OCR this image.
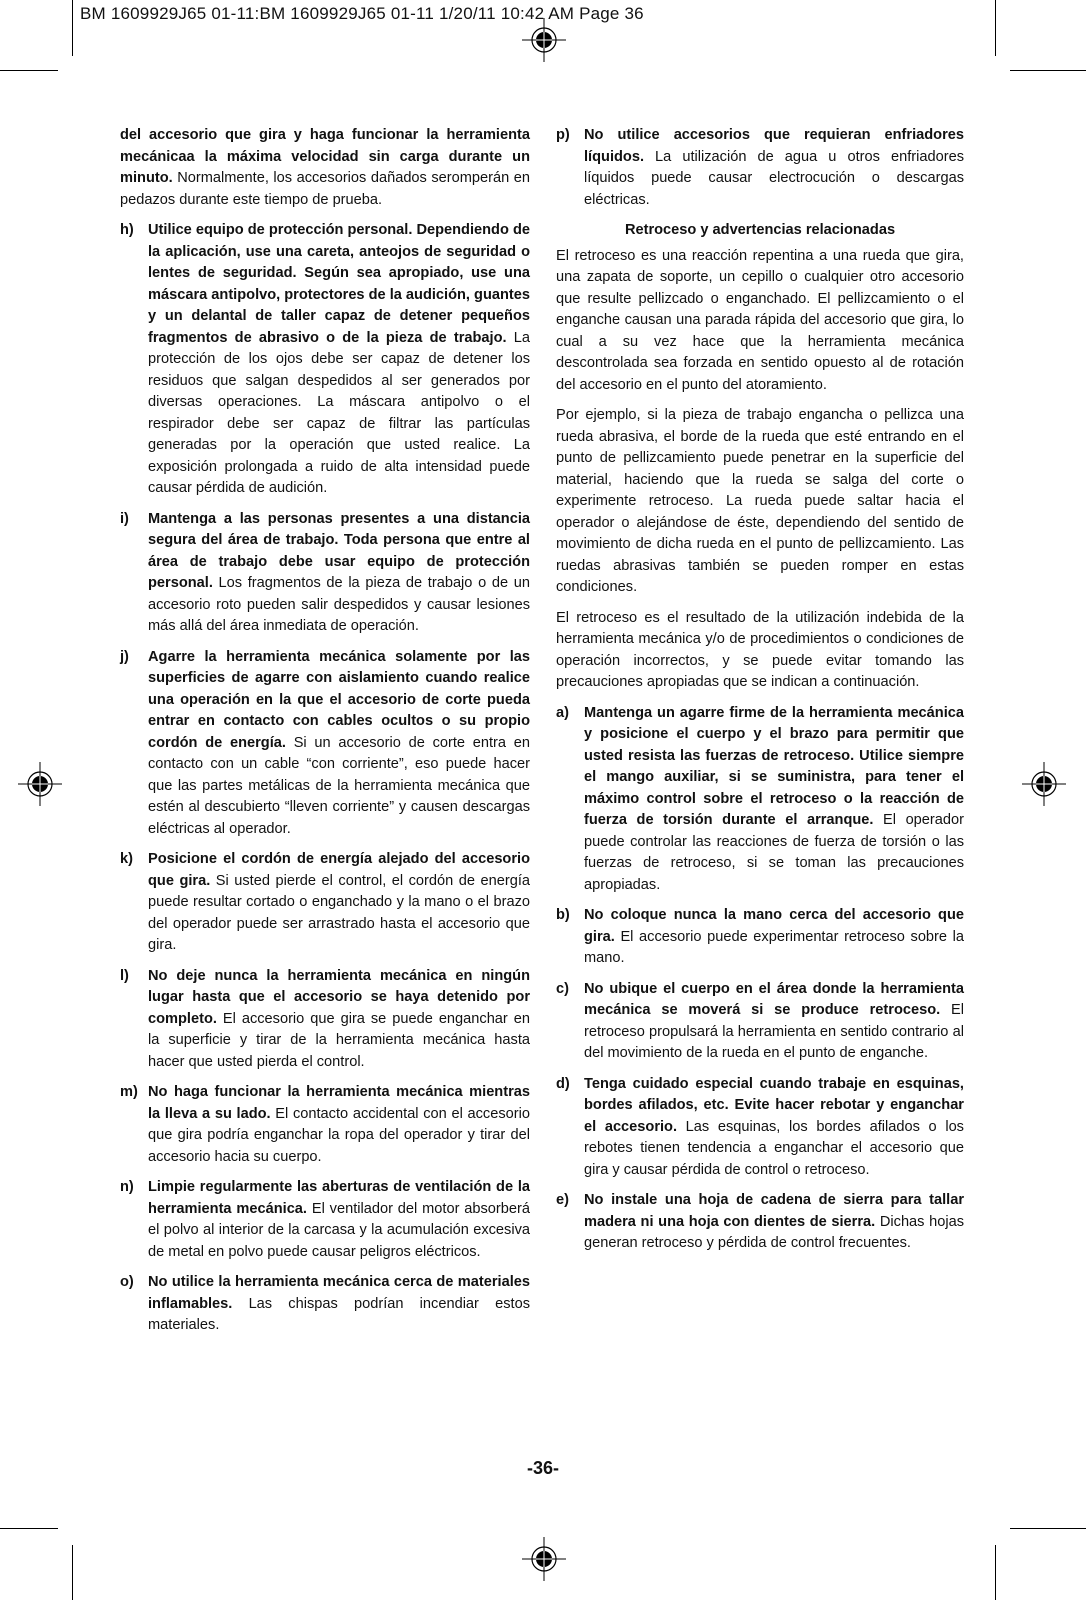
BM 1609929J65 01-11:BM 1609929J65 01-11 1/20/11 10:42 AM Page 36

del accesorio que gira y haga funcionar la herramienta mecánicaa la máxima velocidad sin carga durante un minuto. Normalmente, los accesorios dañados seromperán en pedazos durante este tiempo de prueba.

h) Utilice equipo de protección personal. Dependiendo de la aplicación, use una careta, anteojos de seguridad o lentes de seguridad. Según sea apropiado, use una máscara antipolvo, protectores de la audición, guantes y un delantal de taller capaz de detener pequeños fragmentos de abrasivo o de la pieza de trabajo. La protección de los ojos debe ser capaz de detener los residuos que salgan despedidos al ser generados por diversas operaciones. La máscara antipolvo o el respirador debe ser capaz de filtrar las partículas generadas por la operación que usted realice. La exposición prolongada a ruido de alta intensidad puede causar pérdida de audición.
i) Mantenga a las personas presentes a una distancia segura del área de trabajo. Toda persona que entre al área de trabajo debe usar equipo de protección personal. Los fragmentos de la pieza de trabajo o de un accesorio roto pueden salir despedidos y causar lesiones más allá del área inmediata de operación.
j) Agarre la herramienta mecánica solamente por las superficies de agarre con aislamiento cuando realice una operación en la que el accesorio de corte pueda entrar en contacto con cables ocultos o su propio cordón de energía. Si un accesorio de corte entra en contacto con un cable “con corriente”, eso puede hacer que las partes metálicas de la herramienta mecánica que estén al descubierto “lleven corriente” y causen descargas eléctricas al operador.
k) Posicione el cordón de energía alejado del accesorio que gira. Si usted pierde el control, el cordón de energía puede resultar cortado o enganchado y la mano o el brazo del operador puede ser arrastrado hasta el accesorio que gira.
l) No deje nunca la herramienta mecánica en ningún lugar hasta que el accesorio se haya detenido por completo. El accesorio que gira se puede enganchar en la superficie y tirar de la herramienta mecánica hasta hacer que usted pierda el control.
m) No haga funcionar la herramienta mecánica mientras la lleva a su lado. El contacto accidental con el accesorio que gira podría enganchar la ropa del operador y tirar del accesorio hacia su cuerpo.
n) Limpie regularmente las aberturas de ventilación de la herramienta mecánica. El ventilador del motor absorberá el polvo al interior de la carcasa y la acumulación excesiva de metal en polvo puede causar peligros eléctricos.
o) No utilice la herramienta mecánica cerca de materiales inflamables. Las chispas podrían incendiar estos materiales.
p) No utilice accesorios que requieran enfriadores líquidos. La utilización de agua u otros enfriadores líquidos puede causar electrocución o descargas eléctricas.
Retroceso y advertencias relacionadas

El retroceso es una reacción repentina a una rueda que gira, una zapata de soporte, un cepillo o cualquier otro accesorio que resulte pellizcado o enganchado. El pellizcamiento o el enganche causan una parada rápida del accesorio que gira, lo cual a su vez hace que la herramienta mecánica descontrolada sea forzada en sentido opuesto al de rotación del accesorio en el punto del atoramiento.

Por ejemplo, si la pieza de trabajo engancha o pellizca una rueda abrasiva, el borde de la rueda que esté entrando en el punto de pellizcamiento puede penetrar en la superficie del material, haciendo que la rueda se salga del corte o experimente retroceso. La rueda puede saltar hacia el operador o alejándose de éste, dependiendo del sentido de movimiento de dicha rueda en el punto de pellizcamiento. Las ruedas abrasivas también se pueden romper en estas condiciones.

El retroceso es el resultado de la utilización indebida de la herramienta mecánica y/o de procedimientos o condiciones de operación incorrectos, y se puede evitar tomando las precauciones apropiadas que se indican a continuación.

a) Mantenga un agarre firme de la herramienta mecánica y posicione el cuerpo y el brazo para permitir que usted resista las fuerzas de retroceso. Utilice siempre el mango auxiliar, si se suministra, para tener el máximo control sobre el retroceso o la reacción de fuerza de torsión durante el arranque. El operador puede controlar las reacciones de fuerza de torsión o las fuerzas de retroceso, si se toman las precauciones apropiadas.
b) No coloque nunca la mano cerca del accesorio que gira. El accesorio puede experimentar retroceso sobre la mano.
c) No ubique el cuerpo en el área donde la herramienta mecánica se moverá si se produce retroceso. El retroceso propulsará la herramienta en sentido contrario al del movimiento de la rueda en el punto de enganche.
d) Tenga cuidado especial cuando trabaje en esquinas, bordes afilados, etc. Evite hacer rebotar y enganchar el accesorio. Las esquinas, los bordes afilados o los rebotes tienen tendencia a enganchar el accesorio que gira y causar pérdida de control o retroceso.
e) No instale una hoja de cadena de sierra para tallar madera ni una hoja con dientes de sierra. Dichas hojas generan retroceso y pérdida de control frecuentes.
-36-
